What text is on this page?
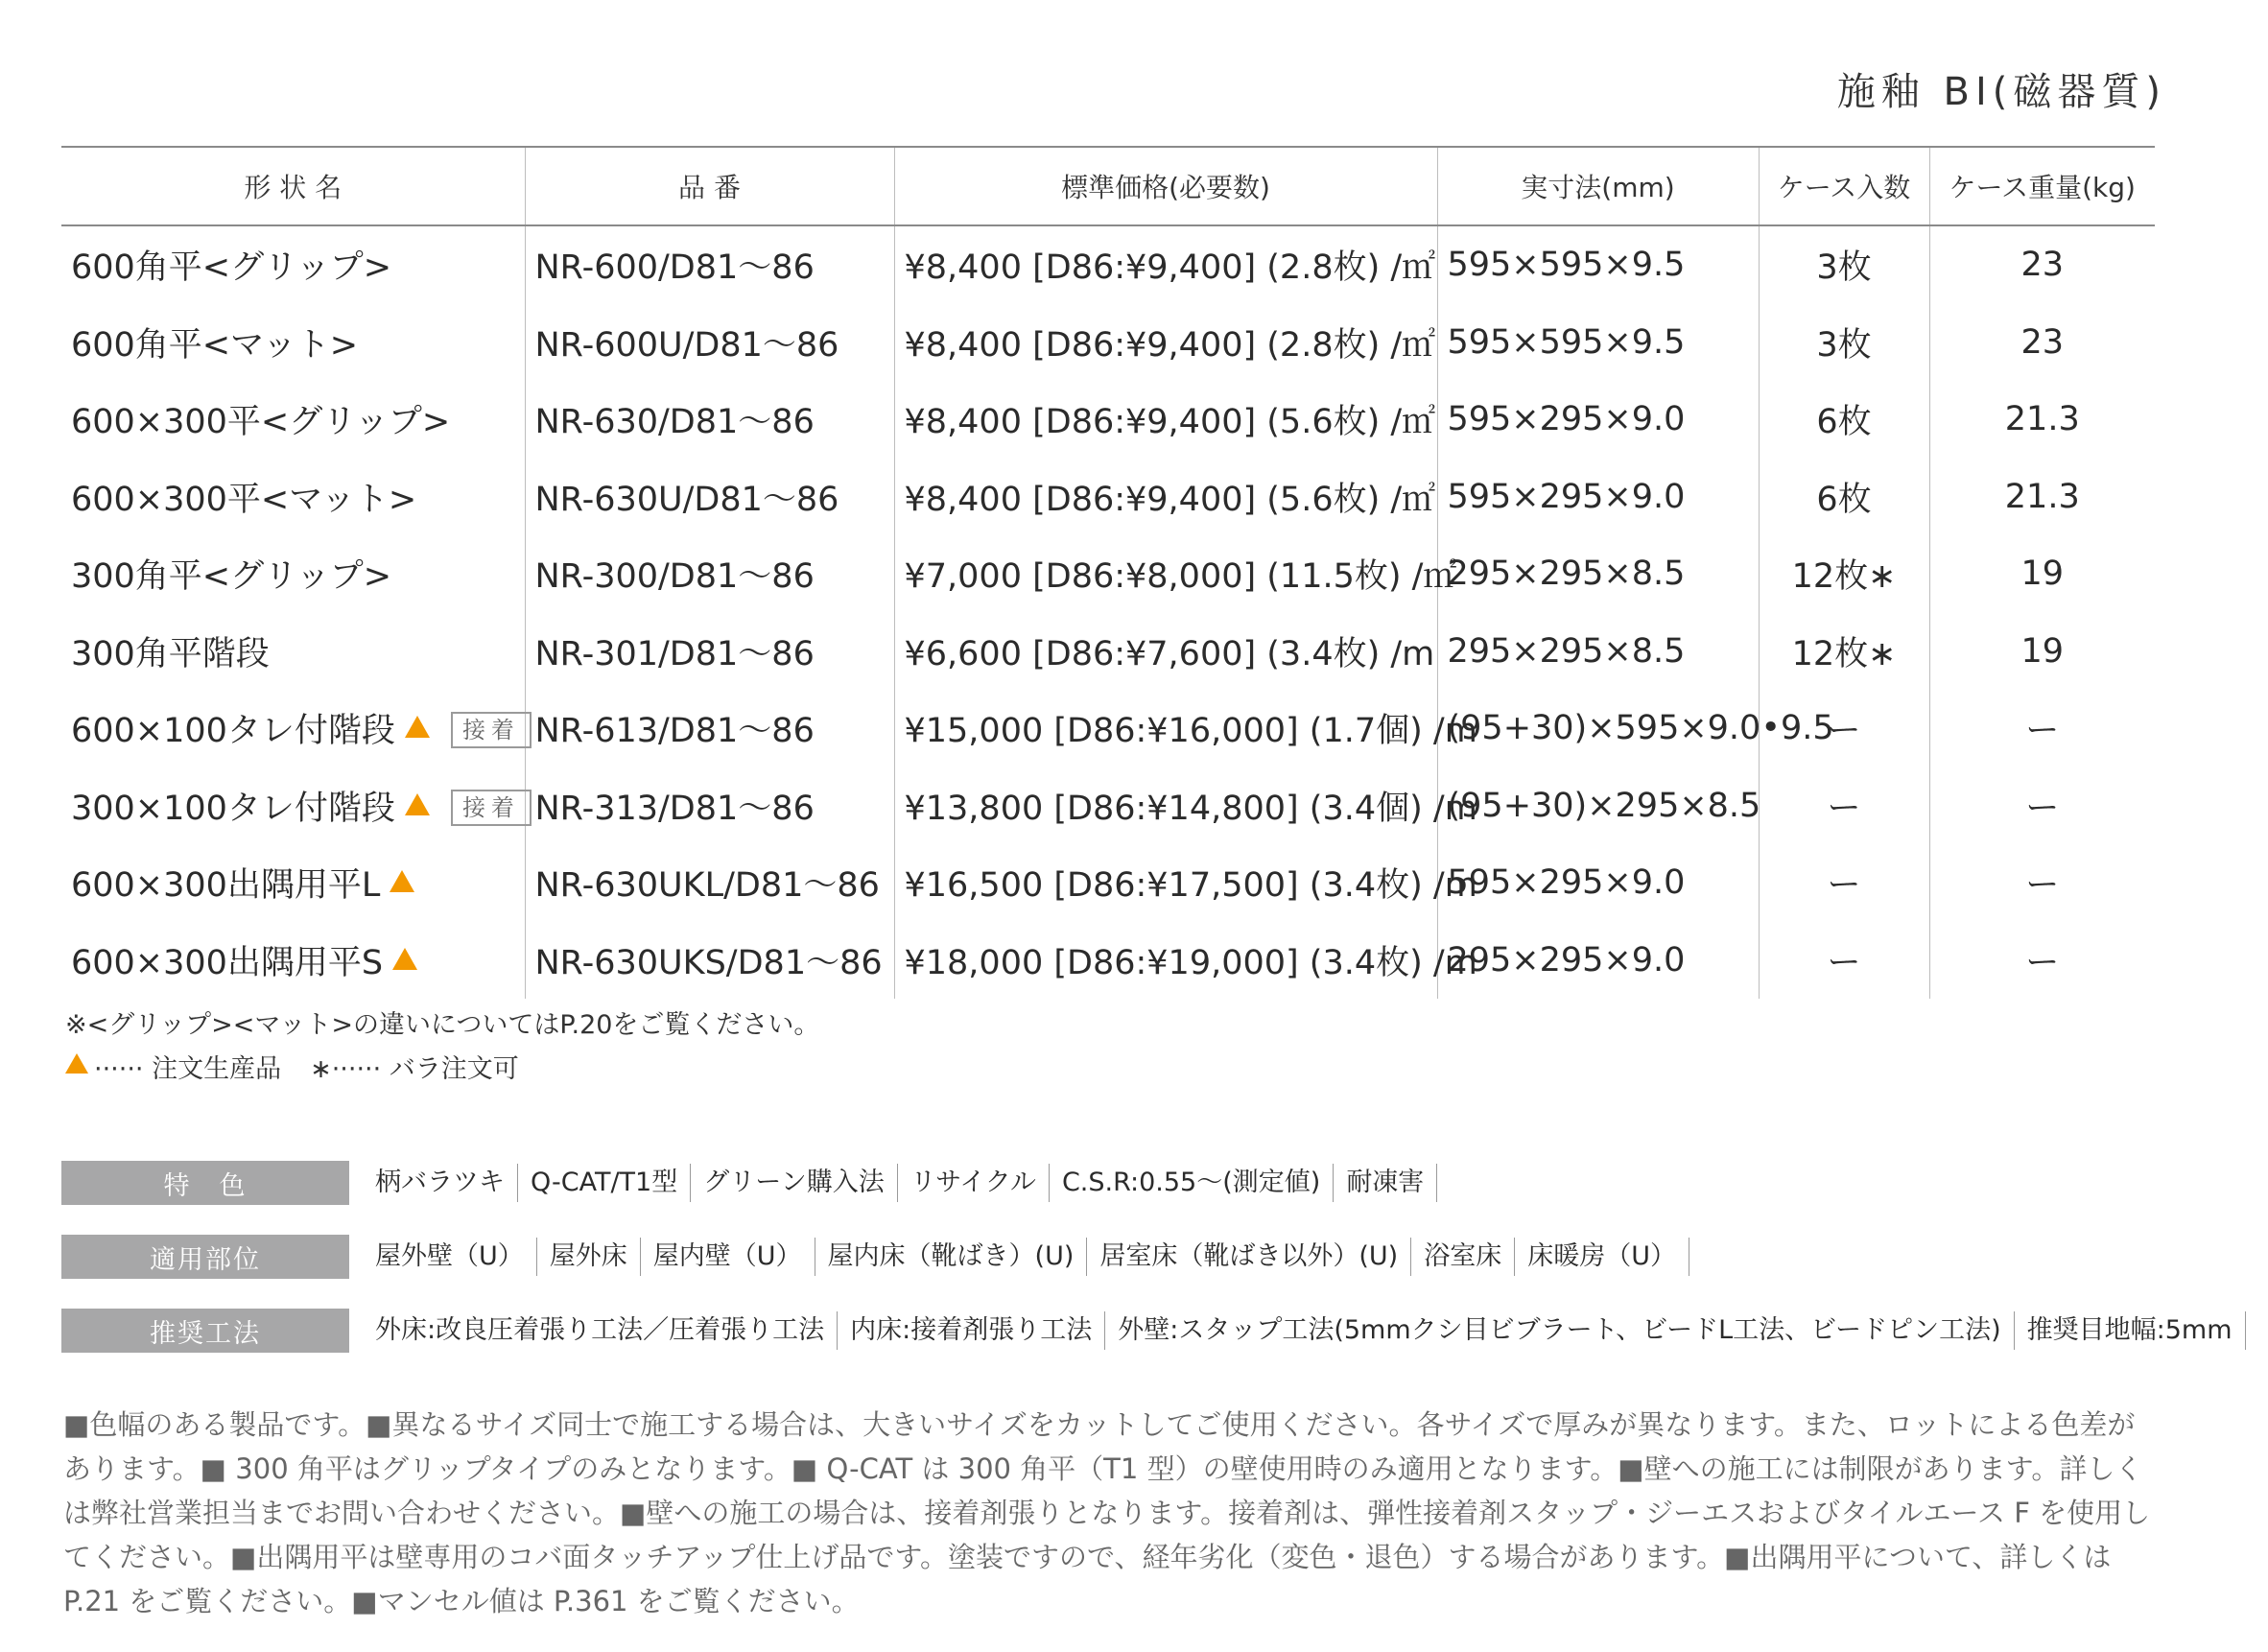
施釉 BⅠ(磁器質)
形 状 名	品 番	標準価格(必要数)	実寸法(mm)	ケース入数	ケース重量(kg)
600角平<グリップ>	NR-600/D81〜86	¥8,400 [D86:¥9,400] (2.8枚) /㎡	595×595×9.5	3枚	23
600角平<マット>	NR-600U/D81〜86	¥8,400 [D86:¥9,400] (2.8枚) /㎡	595×595×9.5	3枚	23
600×300平<グリップ>	NR-630/D81〜86	¥8,400 [D86:¥9,400] (5.6枚) /㎡	595×295×9.0	6枚	21.3
600×300平<マット>	NR-630U/D81〜86	¥8,400 [D86:¥9,400] (5.6枚) /㎡	595×295×9.0	6枚	21.3
300角平<グリップ>	NR-300/D81〜86	¥7,000 [D86:¥8,000] (11.5枚) /㎡	295×295×8.5	12枚∗	19
300角平階段	NR-301/D81〜86	¥6,600 [D86:¥7,600] (3.4枚) /m	295×295×8.5	12枚∗	19
600×100タレ付階段 接着	NR-613/D81〜86	¥15,000 [D86:¥16,000] (1.7個) /m	(95+30)×595×9.0•9.5	ー	ー
300×100タレ付階段 接着	NR-313/D81〜86	¥13,800 [D86:¥14,800] (3.4個) /m	(95+30)×295×8.5	ー	ー
600×300出隅用平L	NR-630UKL/D81〜86	¥16,500 [D86:¥17,500] (3.4枚) /m	595×295×9.0	ー	ー
600×300出隅用平S	NR-630UKS/D81〜86	¥18,000 [D86:¥19,000] (3.4枚) /m	295×295×9.0	ー	ー
※<グリップ><マット>の違いについてはP.20をご覧ください。
······ 注文生産品 ∗······ バラ注文可
特　色	柄バラツキ	Q-CAT/T1型	グリーン購入法	リサイクル	C.S.R:0.55〜(測定値)	耐凍害
適用部位	屋外壁（U）	屋外床	屋内壁（U）	屋内床（靴ばき）(U)	居室床（靴ばき以外）(U)	浴室床	床暖房（U）
推奨工法	外床:改良圧着張り工法／圧着張り工法	内床:接着剤張り工法	外壁:スタップ工法(5mmクシ目ビブラート、ビードL工法、ビードピン工法)	推奨目地幅:5mm
■色幅のある製品です。■異なるサイズ同士で施工する場合は、大きいサイズをカットしてご使用ください。各サイズで厚みが異なります。また、ロットによる色差があります。■ 300 角平はグリップタイプのみとなります。■ Q-CAT は 300 角平（T1 型）の壁使用時のみ適用となります。■壁への施工には制限があります。詳しくは弊社営業担当までお問い合わせください。■壁への施工の場合は、接着剤張りとなります。接着剤は、弾性接着剤スタップ・ジーエスおよびタイルエース F を使用してください。■出隅用平は壁専用のコバ面タッチアップ仕上げ品です。塗装ですので、経年劣化（変色・退色）する場合があります。■出隅用平について、詳しくは P.21 をご覧ください。■マンセル値は P.361 をご覧ください。
